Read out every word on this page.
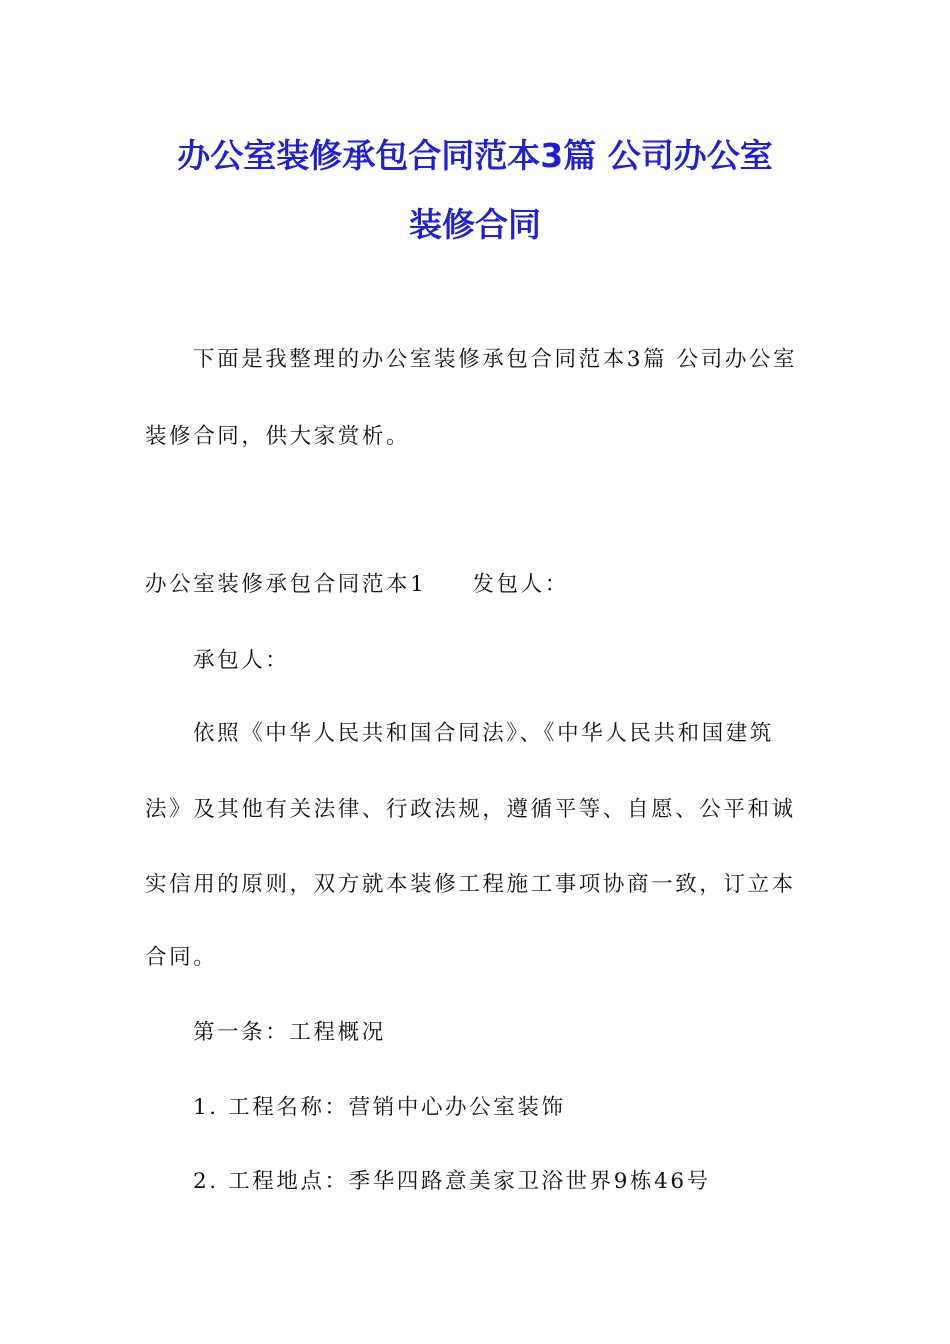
办公室装修承包合同范本3篇 公司办公室
装修合同
下面是我整理的办公室装修承包合同范本3篇 公司办公室
装修合同，供大家赏析。
办公室装修承包合同范本1 发包人：
承包人：
依照《中华人民共和国合同法》、《中华人民共和国建筑
法》及其他有关法律、行政法规，遵循平等、自愿、公平和诚
实信用的原则，双方就本装修工程施工事项协商一致，订立本
合同。
第一条：工程概况
1. 工程名称：营销中心办公室装饰
2. 工程地点：季华四路意美家卫浴世界9栋46号
